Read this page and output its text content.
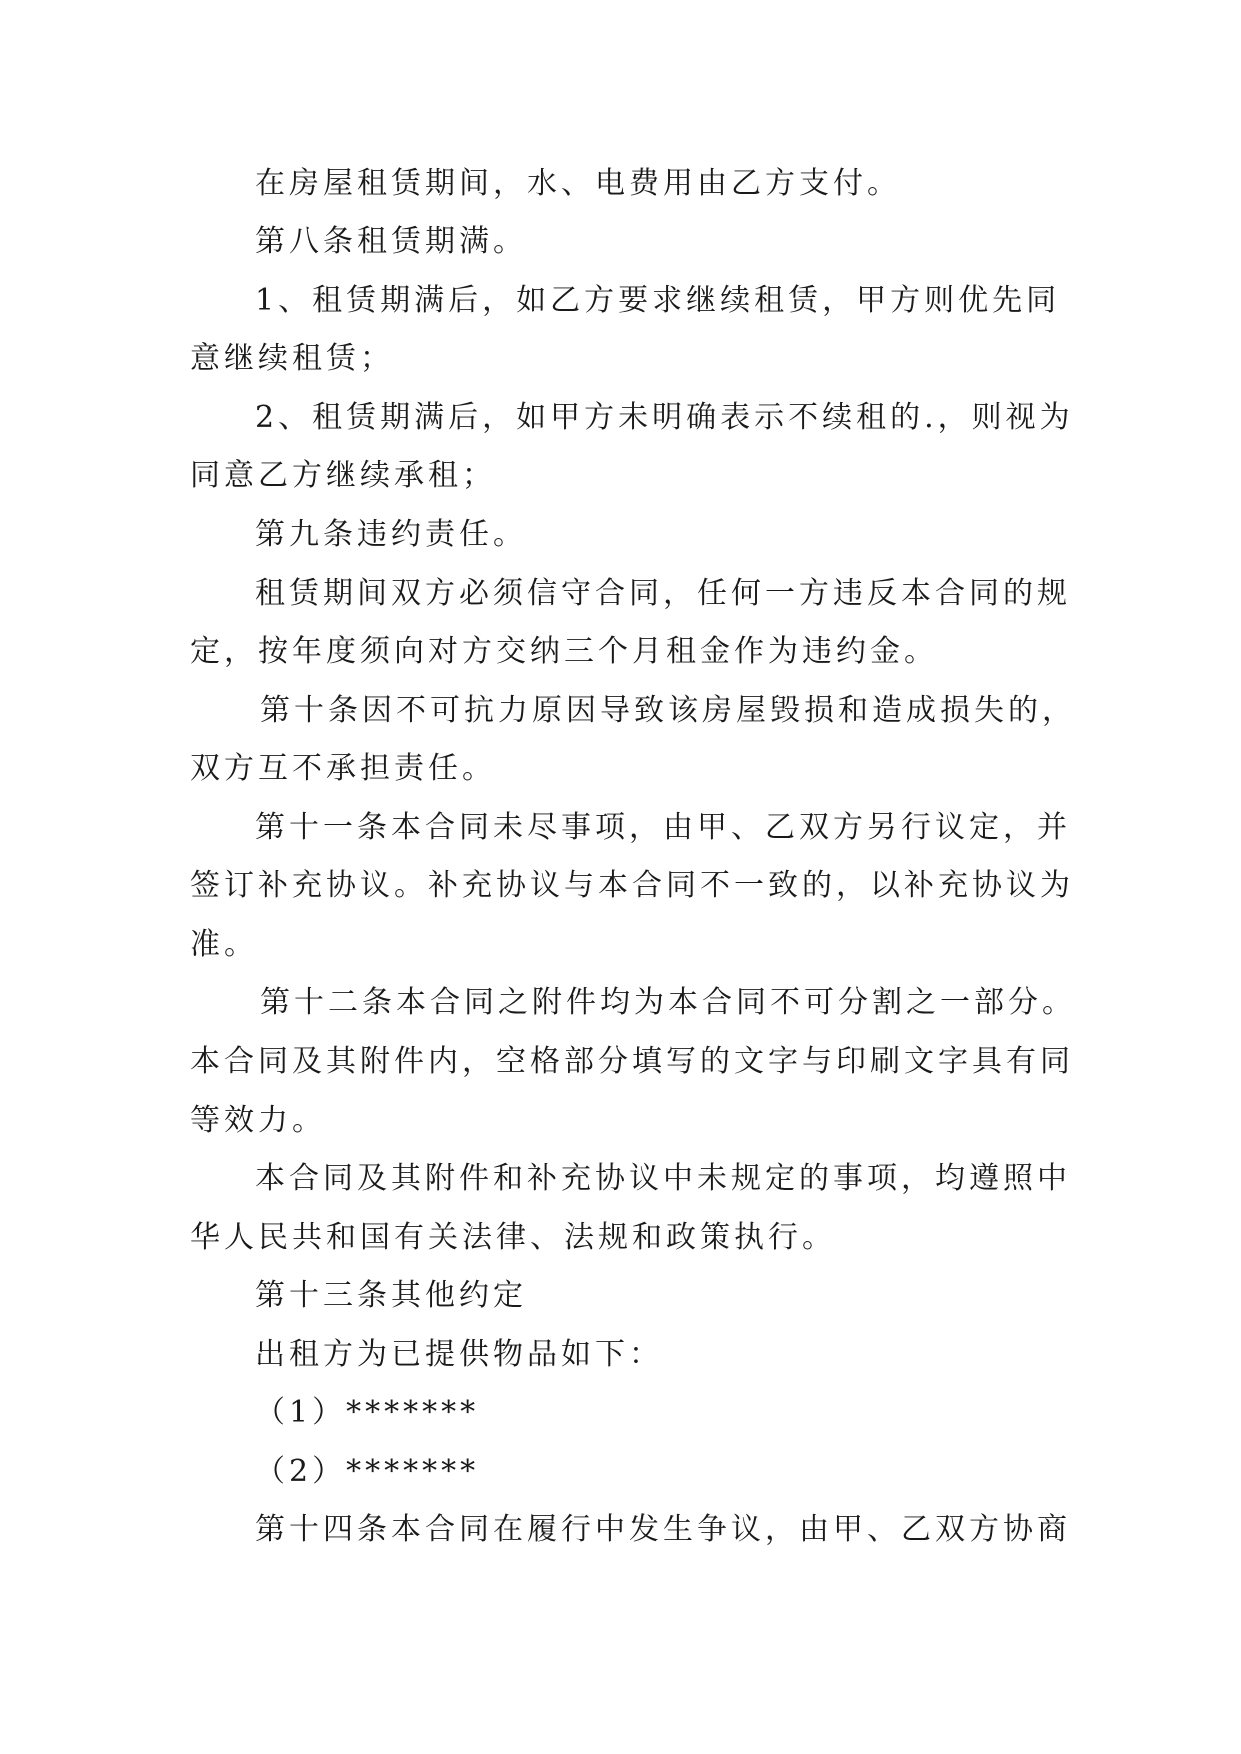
在房屋租赁期间，水、电费用由乙方支付。
第八条租赁期满。
1、租赁期满后，如乙方要求继续租赁，甲方则优先同
意继续租赁；
2、租赁期满后，如甲方未明确表示不续租的.，则视为
同意乙方继续承租；
第九条违约责任。
租赁期间双方必须信守合同，任何一方违反本合同的规
定，按年度须向对方交纳三个月租金作为违约金。
第十条因不可抗力原因导致该房屋毁损和造成损失的，
双方互不承担责任。
第十一条本合同未尽事项，由甲、乙双方另行议定，并
签订补充协议。补充协议与本合同不一致的，以补充协议为
准。
第十二条本合同之附件均为本合同不可分割之一部分。
本合同及其附件内，空格部分填写的文字与印刷文字具有同
等效力。
本合同及其附件和补充协议中未规定的事项，均遵照中
华人民共和国有关法律、法规和政策执行。
第十三条其他约定
出租方为已提供物品如下：
（1）*******
（2）*******
第十四条本合同在履行中发生争议，由甲、乙双方协商
